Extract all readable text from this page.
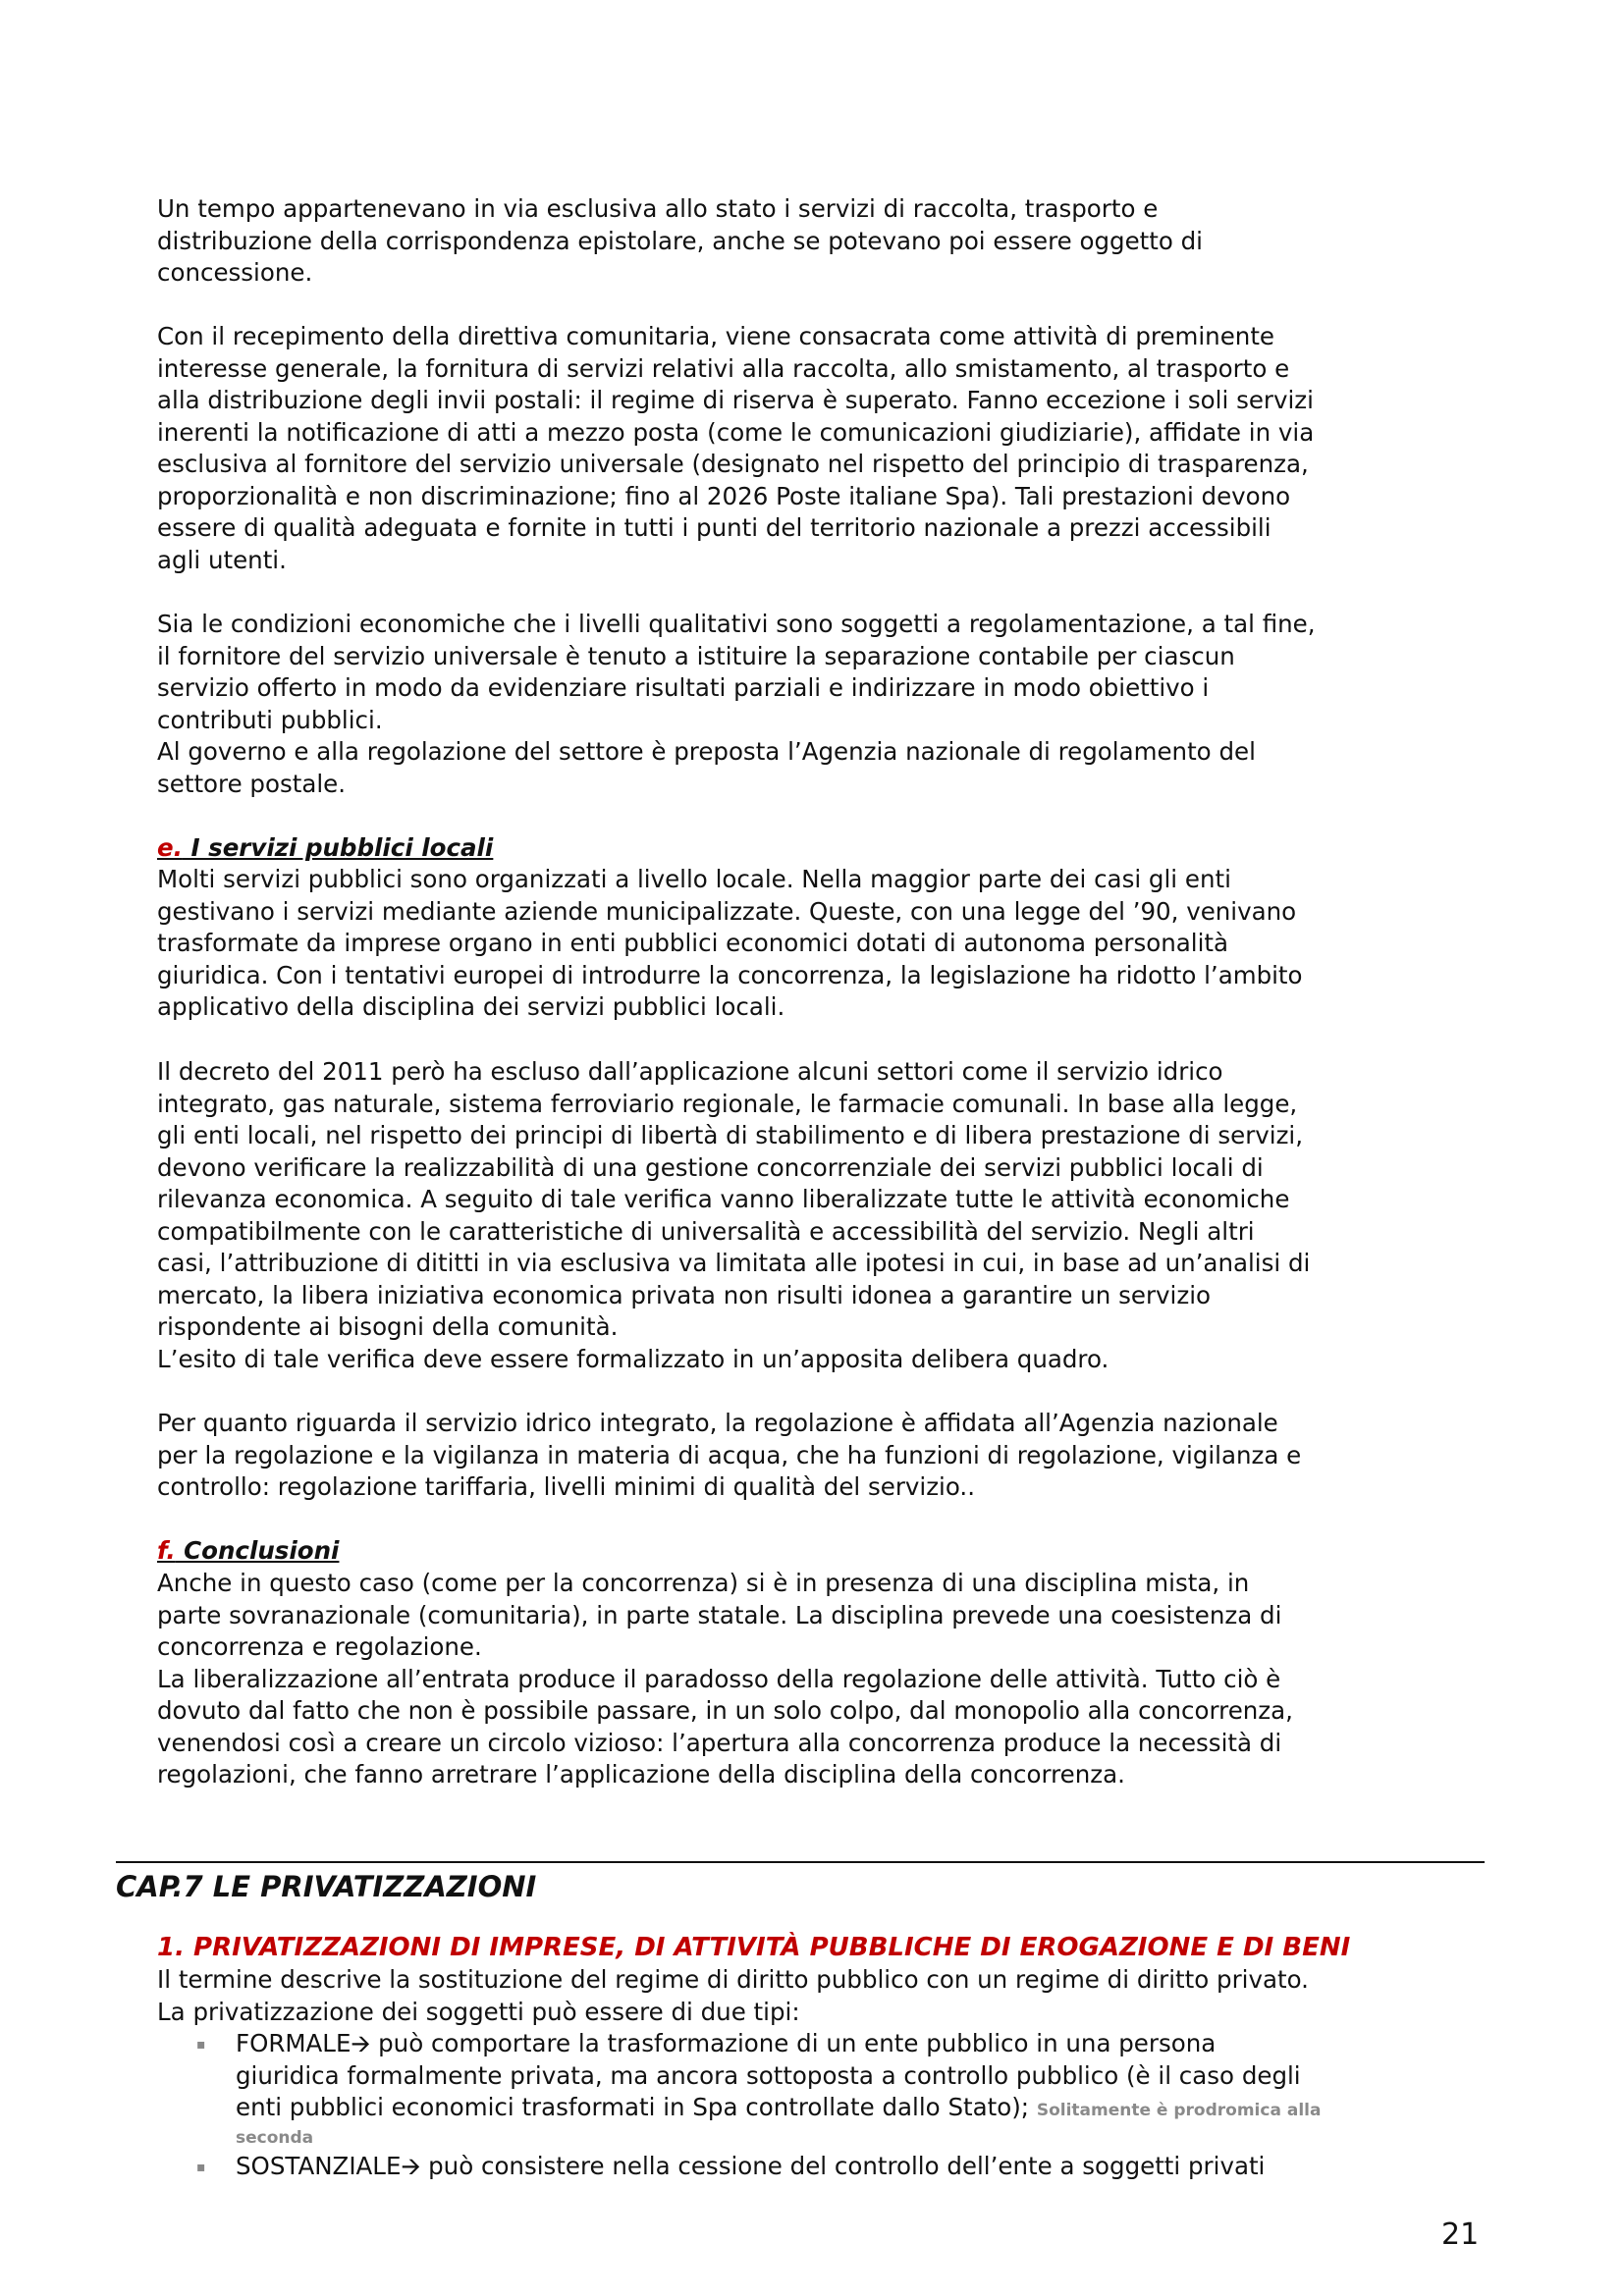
Un tempo appartenevano in via esclusiva allo stato i servizi di raccolta, trasporto e
distribuzione della corrispondenza epistolare, anche se potevano poi essere oggetto di
concessione.

Con il recepimento della direttiva comunitaria, viene consacrata come attività di preminente
interesse generale, la fornitura di servizi relativi alla raccolta, allo smistamento, al trasporto e
alla distribuzione degli invii postali: il regime di riserva è superato. Fanno eccezione i soli servizi
inerenti la notificazione di atti a mezzo posta (come le comunicazioni giudiziarie), affidate in via
esclusiva al fornitore del servizio universale (designato nel rispetto del principio di trasparenza,
proporzionalità e non discriminazione; fino al 2026 Poste italiane Spa). Tali prestazioni devono
essere di qualità adeguata e fornite in tutti i punti del territorio nazionale a prezzi accessibili
agli utenti.

Sia le condizioni economiche che i livelli qualitativi sono soggetti a regolamentazione, a tal fine,
il fornitore del servizio universale è tenuto a istituire la separazione contabile per ciascun
servizio offerto in modo da evidenziare risultati parziali e indirizzare in modo obiettivo i
contributi pubblici.
Al governo e alla regolazione del settore è preposta l’Agenzia nazionale di regolamento del
settore postale.

e. I servizi pubblici locali

Molti servizi pubblici sono organizzati a livello locale. Nella maggior parte dei casi gli enti
gestivano i servizi mediante aziende municipalizzate. Queste, con una legge del ’90, venivano
trasformate da imprese organo in enti pubblici economici dotati di autonoma personalità
giuridica. Con i tentativi europei di introdurre la concorrenza, la legislazione ha ridotto l’ambito
applicativo della disciplina dei servizi pubblici locali.

Il decreto del 2011 però ha escluso dall’applicazione alcuni settori come il servizio idrico
integrato, gas naturale, sistema ferroviario regionale, le farmacie comunali. In base alla legge,
gli enti locali, nel rispetto dei principi di libertà di stabilimento e di libera prestazione di servizi,
devono verificare la realizzabilità di una gestione concorrenziale dei servizi pubblici locali di
rilevanza economica. A seguito di tale verifica vanno liberalizzate tutte le attività economiche
compatibilmente con le caratteristiche di universalità e accessibilità del servizio. Negli altri
casi, l’attribuzione di dititti in via esclusiva va limitata alle ipotesi in cui, in base ad un’analisi di
mercato, la libera iniziativa economica privata non risulti idonea a garantire un servizio
rispondente ai bisogni della comunità.
L’esito di tale verifica deve essere formalizzato in un’apposita delibera quadro.

Per quanto riguarda il servizio idrico integrato, la regolazione è affidata all’Agenzia nazionale
per la regolazione e la vigilanza in materia di acqua, che ha funzioni di regolazione, vigilanza e
controllo: regolazione tariffaria, livelli minimi di qualità del servizio..

f. Conclusioni

Anche in questo caso (come per la concorrenza) si è in presenza di una disciplina mista, in
parte sovranazionale (comunitaria), in parte statale. La disciplina prevede una coesistenza di
concorrenza e regolazione.
La liberalizzazione all’entrata produce il paradosso della regolazione delle attività. Tutto ciò è
dovuto dal fatto che non è possibile passare, in un solo colpo, dal monopolio alla concorrenza,
venendosi così a creare un circolo vizioso: l’apertura alla concorrenza produce la necessità di
regolazioni, che fanno arretrare l’applicazione della disciplina della concorrenza.

CAP.7 LE PRIVATIZZAZIONI
1. PRIVATIZZAZIONI DI IMPRESE, DI ATTIVITÀ PUBBLICHE DI EROGAZIONE E DI BENI

Il termine descrive la sostituzione del regime di diritto pubblico con un regime di diritto privato.
La privatizzazione dei soggetti può essere di due tipi:

▪ FORMALE🡪 può comportare la trasformazione di un ente pubblico in una persona
giuridica formalmente privata, ma ancora sottoposta a controllo pubblico (è il caso degli
enti pubblici economici trasformati in Spa controllate dallo Stato); Solitamente è prodromica alla
seconda
▪ SOSTANZIALE🡪 può consistere nella cessione del controllo dell’ente a soggetti privati
21
